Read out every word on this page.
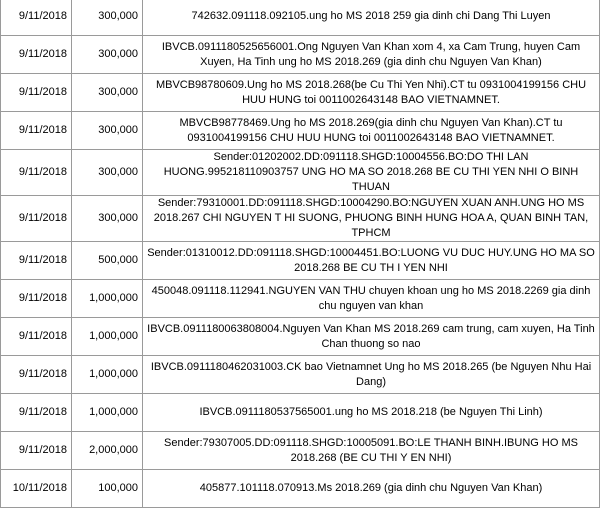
9/11/2018	300,000	742632.091118.092105.ung ho MS 2018 259 gia dinh chi Dang Thi Luyen
9/11/2018	300,000	IBVCB.0911180525656001.Ong Nguyen Van Khan xom 4, xa Cam Trung, huyen Cam Xuyen, Ha Tinh ung ho MS 2018.269 (gia dinh chu Nguyen Van Khan)
9/11/2018	300,000	MBVCB98780609.Ung ho MS 2018.268(be Cu Thi Yen Nhi).CT tu 0931004199156 CHU HUU HUNG toi 0011002643148 BAO VIETNAMNET.
9/11/2018	300,000	MBVCB98778469.Ung ho MS 2018.269(gia dinh chu Nguyen Van Khan).CT tu 0931004199156 CHU HUU HUNG toi 0011002643148 BAO VIETNAMNET.
9/11/2018	300,000	Sender:01202002.DD:091118.SHGD:10004556.BO:DO THI LAN HUONG.995218110903757 UNG HO MA SO 2018.268 BE CU THI YEN NHI O BINH THUAN
9/11/2018	300,000	Sender:79310001.DD:091118.SHGD:10004290.BO:NGUYEN XUAN ANH.UNG HO MS 2018.267 CHI NGUYEN T HI SUONG, PHUONG BINH HUNG HOA A, QUAN BINH TAN, TPHCM
9/11/2018	500,000	Sender:01310012.DD:091118.SHGD:10004451.BO:LUONG VU DUC HUY.UNG HO MA SO 2018.268 BE CU TH I YEN NHI
9/11/2018	1,000,000	450048.091118.112941.NGUYEN VAN THU chuyen khoan ung ho MS 2018.2269 gia dinh chu nguyen van khan
9/11/2018	1,000,000	IBVCB.0911180063808004.Nguyen Van Khan MS 2018.269 cam trung, cam xuyen, Ha Tinh Chan thuong so nao
9/11/2018	1,000,000	IBVCB.0911180462031003.CK bao Vietnamnet Ung ho MS 2018.265 (be Nguyen Nhu Hai Dang)
9/11/2018	1,000,000	IBVCB.0911180537565001.ung ho MS 2018.218 (be Nguyen Thi Linh)
9/11/2018	2,000,000	Sender:79307005.DD:091118.SHGD:10005091.BO:LE THANH BINH.IBUNG HO MS 2018.268 (BE CU THI Y EN NHI)
10/11/2018	100,000	405877.101118.070913.Ms 2018.269 (gia dinh chu Nguyen Van Khan)
